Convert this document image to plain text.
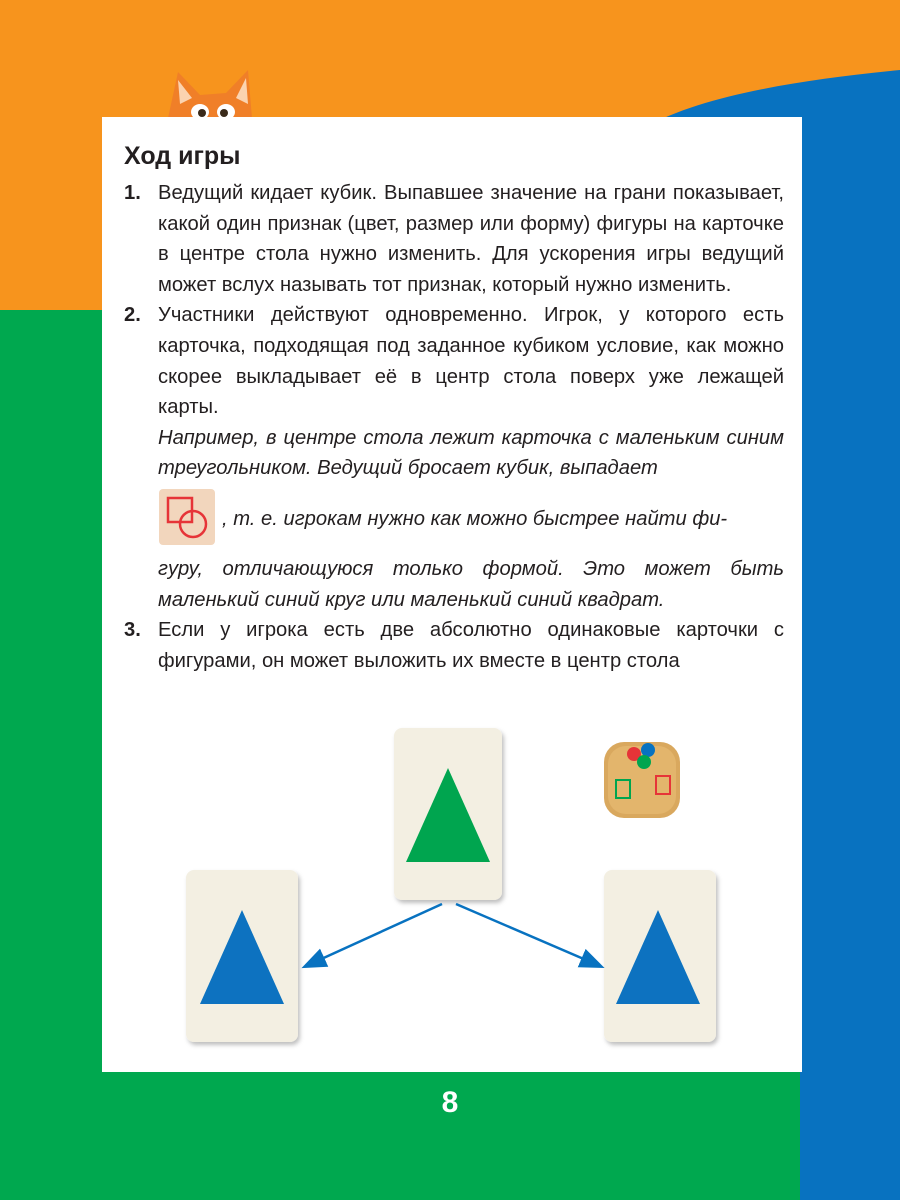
Ход игры
1. Ведущий кидает кубик. Выпавшее значение на грани показывает, какой один признак (цвет, размер или форму) фигуры на карточке в центре стола нужно изменить. Для ускорения игры ведущий может вслух называть тот признак, который нужно изменить.
2. Участники действуют одновременно. Игрок, у которого есть карточка, подходящая под заданное кубиком условие, как можно скорее выкладывает её в центр стола поверх уже лежащей карты.
Например, в центре стола лежит карточка с маленьким синим треугольником. Ведущий бросает кубик, выпадает
, т. е. игрокам нужно как можно быстрее найти фи-
гуру, отличающуюся только формой. Это может быть маленький синий круг или маленький синий квадрат.
3. Если у игрока есть две абсолютно одинаковые карточки с фигурами, он может выложить их вместе в центр стола
8
